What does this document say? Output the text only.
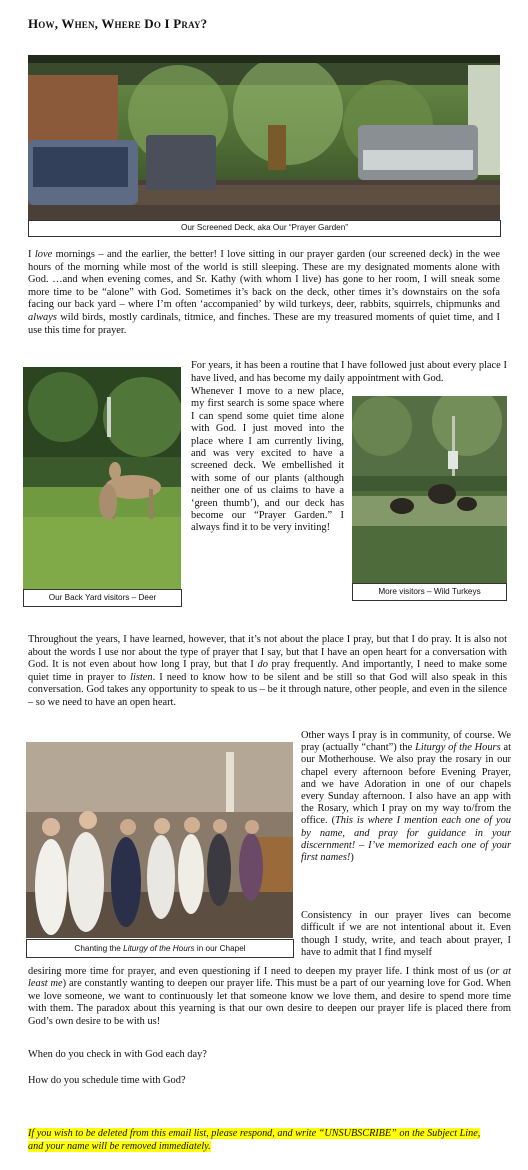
How, When, Where Do I Pray?
Our Screened Deck, aka Our “Prayer Garden”
I love mornings – and the earlier, the better! I love sitting in our prayer garden (our screened deck) in the wee hours of the morning while most of the world is still sleeping. These are my designated moments alone with God. …and when evening comes, and Sr. Kathy (with whom I live) has gone to her room, I will sneak some more time to be “alone” with God. Sometimes it’s back on the deck, other times it’s downstairs on the sofa facing our back yard – where I’m often ‘accompanied’ by wild turkeys, deer, rabbits, squirrels, chipmunks and always wild birds, mostly cardinals, titmice, and finches. These are my treasured moments of quiet time, and I use this time for prayer.
Our Back Yard visitors – Deer
For years, it has been a routine that I have followed just about every place I have lived, and has become my daily appointment with God.
Whenever I move to a new place, my first search is some space where I can spend some quiet time alone with God. I just moved into the place where I am currently living, and was very excited to have a screened deck. We embellished it with some of our plants (although neither one of us claims to have a ‘green thumb’), and our deck has become our “Prayer Garden.” I always find it to be very inviting!
More visitors – Wild Turkeys
Throughout the years, I have learned, however, that it’s not about the place I pray, but that I do pray. It is also not about the words I use nor about the type of prayer that I say, but that I have an open heart for a conversation with God. It is not even about how long I pray, but that I do pray frequently. And importantly, I need to make some quiet time in prayer to listen. I need to know how to be silent and be still so that God will also speak in this conversation. God takes any opportunity to speak to us – be it through nature, other people, and even in the silence – so we need to have an open heart.
Chanting the Liturgy of the Hours in our Chapel
Other ways I pray is in community, of course. We pray (actually “chant”) the Liturgy of the Hours at our Motherhouse. We also pray the rosary in our chapel every afternoon before Evening Prayer, and we have Adoration in one of our chapels every Sunday afternoon. I also have an app with the Rosary, which I pray on my way to/from the office. (This is where I mention each one of you by name, and pray for guidance in your discernment! – I’ve memorized each one of your first names!)
Consistency in our prayer lives can become difficult if we are not intentional about it. Even though I study, write, and teach about prayer, I have to admit that I find myself
desiring more time for prayer, and even questioning if I need to deepen my prayer life. I think most of us (or at least me) are constantly wanting to deepen our prayer life. This must be a part of our yearning love for God. When we love someone, we want to continuously let that someone know we love them, and desire to spend more time with them. The paradox about this yearning is that our own desire to deepen our prayer life is placed there from God’s own desire to be with us!
When do you check in with God each day?
How do you schedule time with God?
If you wish to be deleted from this email list, please respond, and write “UNSUBSCRIBE” on the Subject Line, and your name will be removed immediately.
